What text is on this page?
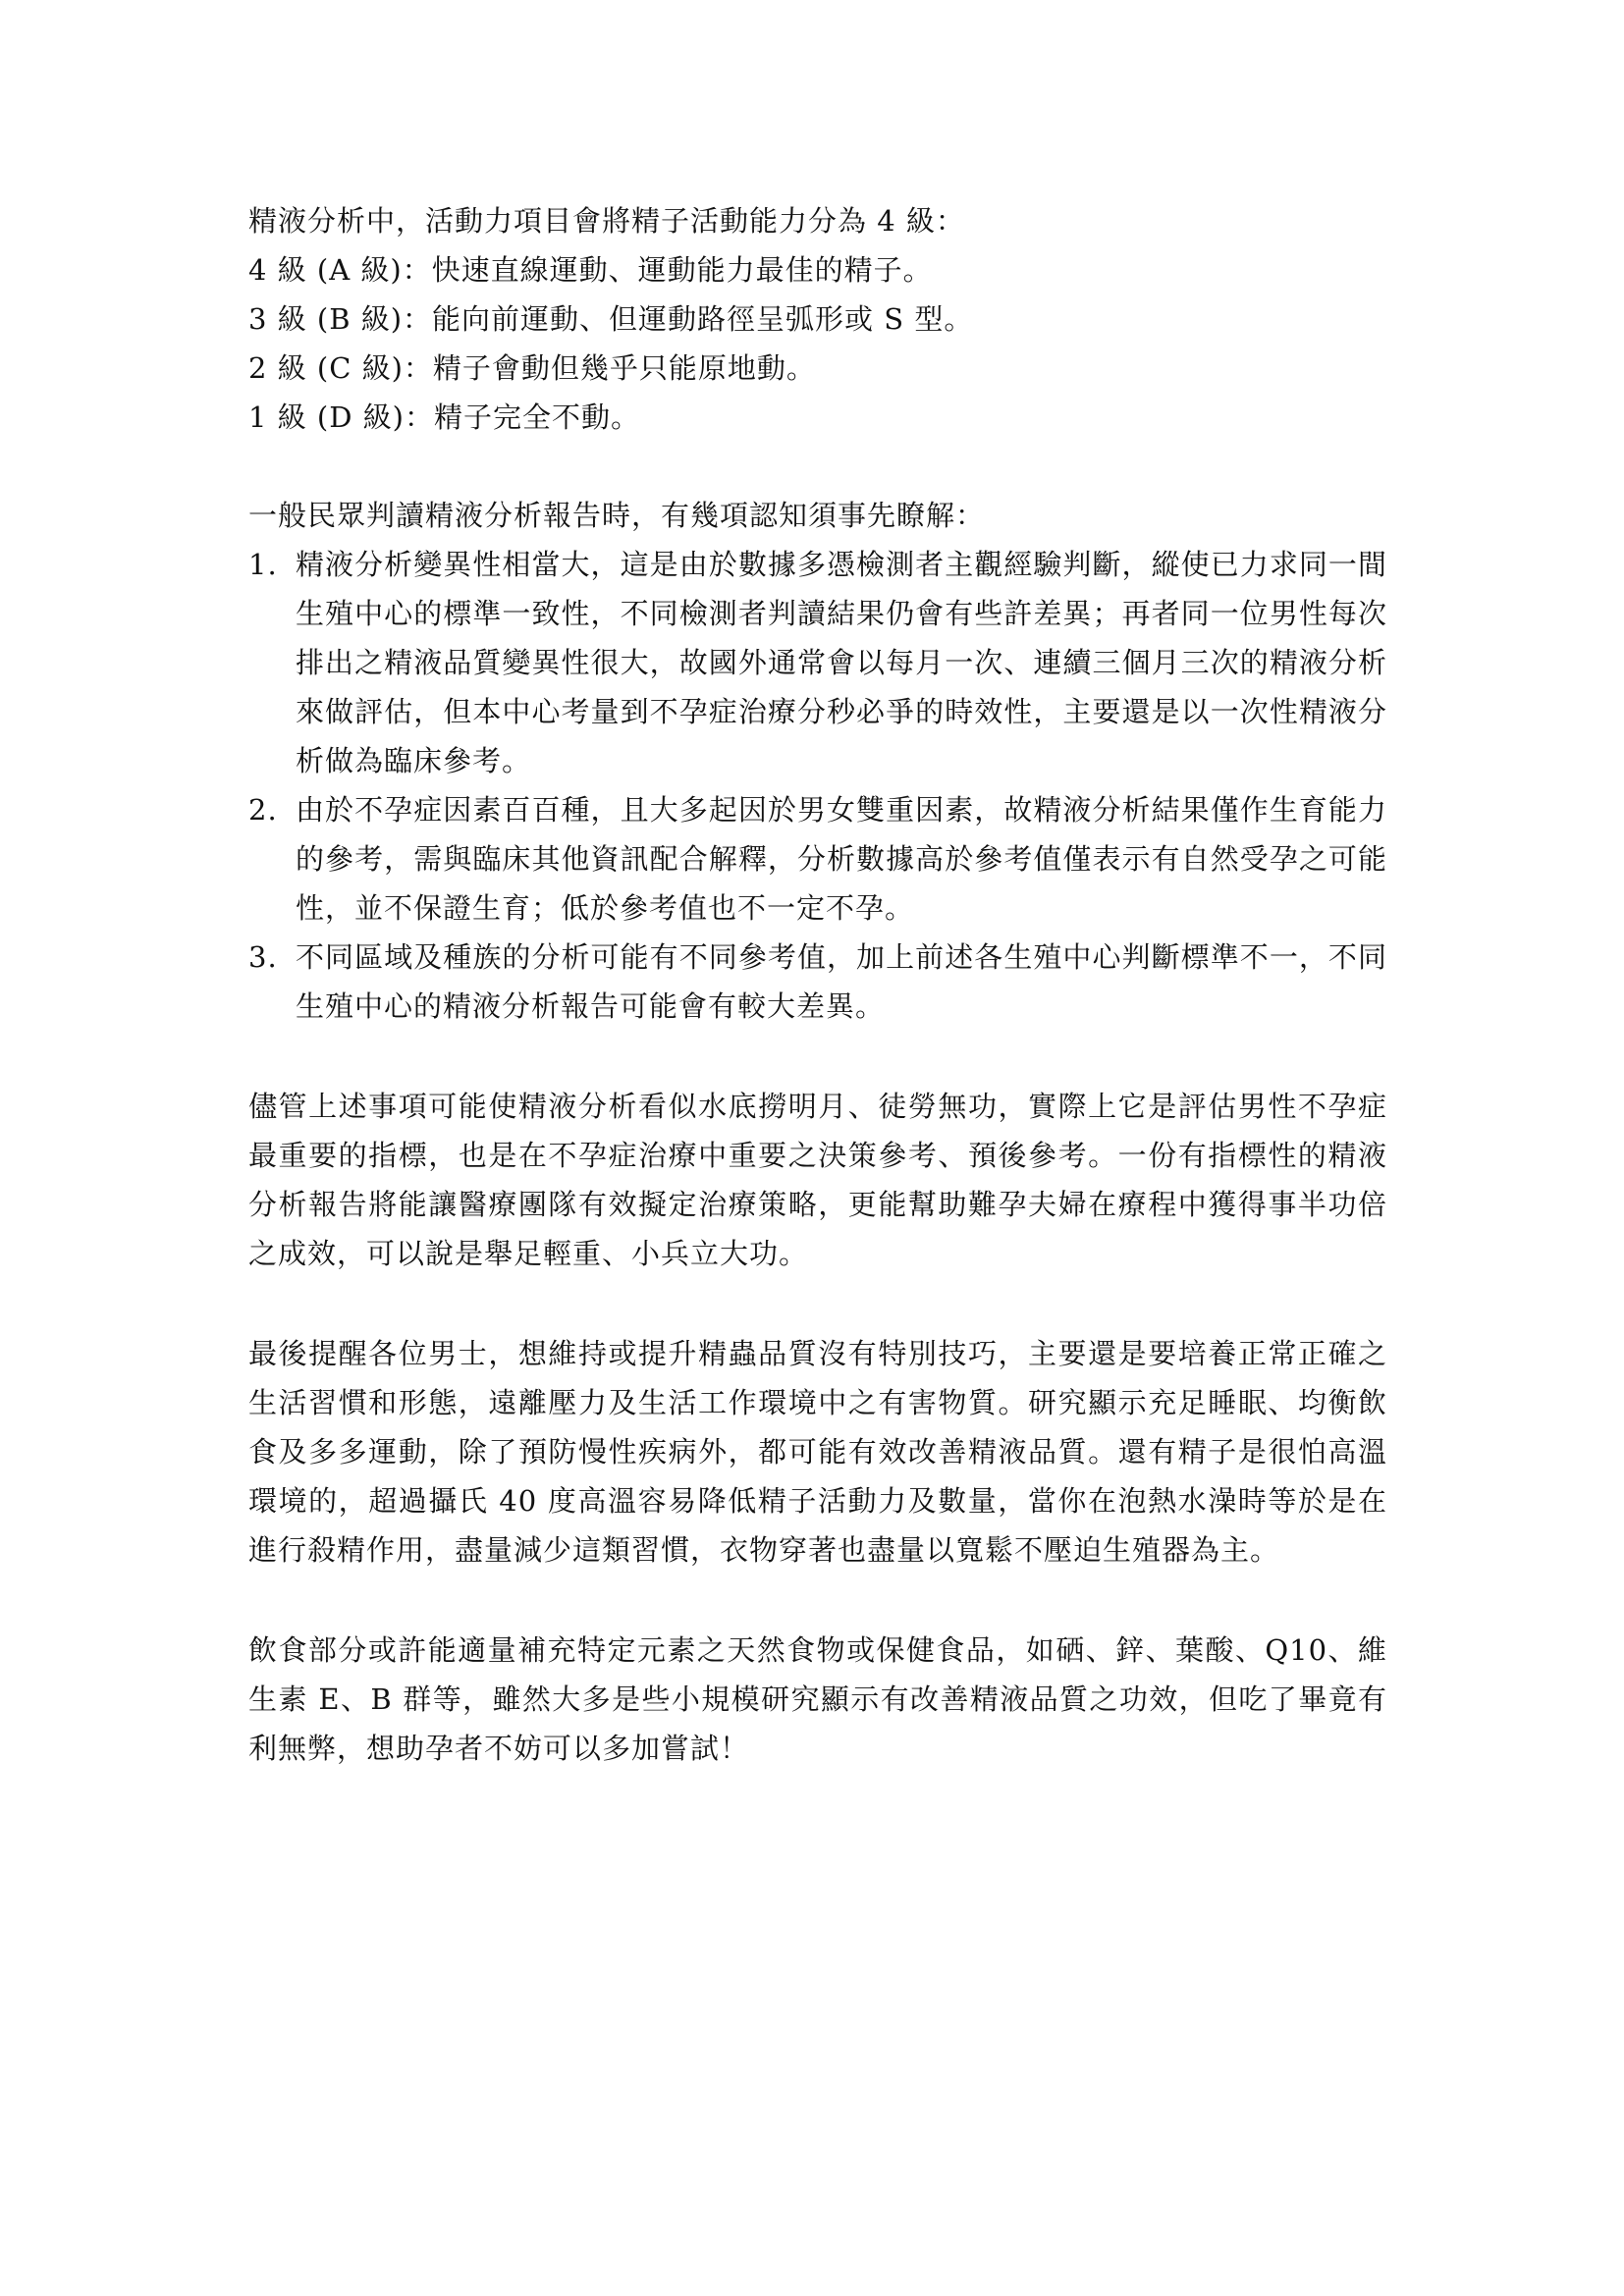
精液分析中，活動力項目會將精子活動能力分為 4 級：

4 級 (A 級)：快速直線運動、運動能力最佳的精子。

3 級 (B 級)：能向前運動、但運動路徑呈弧形或 S 型。

2 級 (C 級)：精子會動但幾乎只能原地動。

1 級 (D 級)：精子完全不動。

一般民眾判讀精液分析報告時，有幾項認知須事先瞭解：

1. 精液分析變異性相當大，這是由於數據多憑檢測者主觀經驗判斷，縱使已力求同一間生殖中心的標準一致性，不同檢測者判讀結果仍會有些許差異；再者同一位男性每次排出之精液品質變異性很大，故國外通常會以每月一次、連續三個月三次的精液分析來做評估，但本中心考量到不孕症治療分秒必爭的時效性，主要還是以一次性精液分析做為臨床參考。
2. 由於不孕症因素百百種，且大多起因於男女雙重因素，故精液分析結果僅作生育能力的參考，需與臨床其他資訊配合解釋，分析數據高於參考值僅表示有自然受孕之可能性，並不保證生育；低於參考值也不一定不孕。
3. 不同區域及種族的分析可能有不同參考值，加上前述各生殖中心判斷標準不一，不同生殖中心的精液分析報告可能會有較大差異。

儘管上述事項可能使精液分析看似水底撈明月、徒勞無功，實際上它是評估男性不孕症最重要的指標，也是在不孕症治療中重要之決策參考、預後參考。一份有指標性的精液分析報告將能讓醫療團隊有效擬定治療策略，更能幫助難孕夫婦在療程中獲得事半功倍之成效，可以說是舉足輕重、小兵立大功。

最後提醒各位男士，想維持或提升精蟲品質沒有特別技巧，主要還是要培養正常正確之生活習慣和形態，遠離壓力及生活工作環境中之有害物質。研究顯示充足睡眠、均衡飲食及多多運動，除了預防慢性疾病外，都可能有效改善精液品質。還有精子是很怕高溫環境的，超過攝氏 40 度高溫容易降低精子活動力及數量，當你在泡熱水澡時等於是在進行殺精作用，盡量減少這類習慣，衣物穿著也盡量以寬鬆不壓迫生殖器為主。

飲食部分或許能適量補充特定元素之天然食物或保健食品，如硒、鋅、葉酸、Q10、維生素 E、B 群等，雖然大多是些小規模研究顯示有改善精液品質之功效，但吃了畢竟有利無弊，想助孕者不妨可以多加嘗試！
